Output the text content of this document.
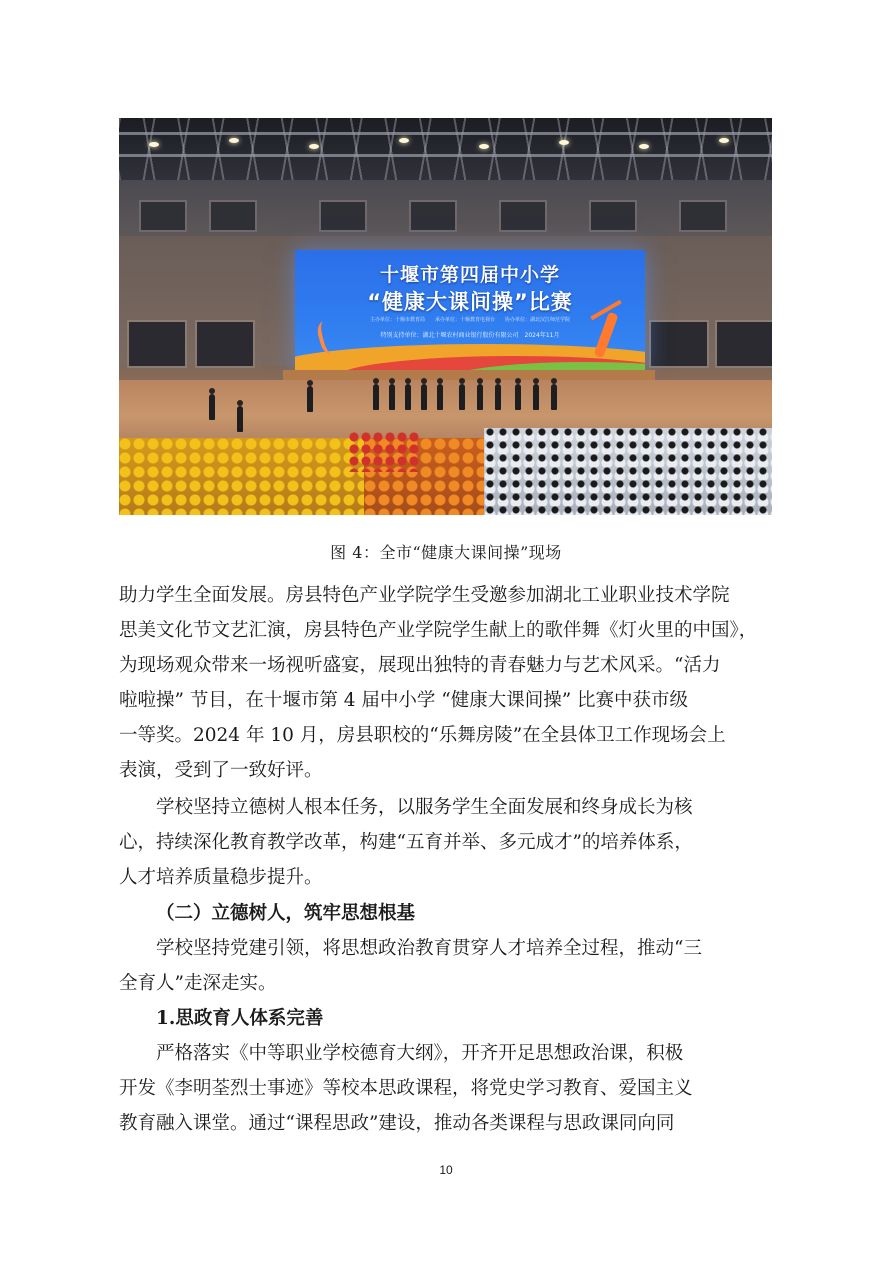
十堰市第四届中小学
“健康大课间操”比赛
主办单位：十堰市教育局　　承办单位：十堰教育电视台　　协办单位：湖北汉江师范学院
特别支持单位：湖北十堰农村商业银行股份有限公司　2024年11月
图 4：全市“健康大课间操”现场
助力学生全面发展。房县特色产业学院学生受邀参加湖北工业职业技术学院
思美文化节文艺汇演，房县特色产业学院学生献上的歌伴舞《灯火里的中国》，
为现场观众带来一场视听盛宴，展现出独特的青春魅力与艺术风采。“活力
啦啦操” 节目，在十堰市第 4 届中小学 “健康大课间操” 比赛中获市级
一等奖。2024 年 10 月，房县职校的“乐舞房陵”在全县体卫工作现场会上
表演，受到了一致好评。
学校坚持立德树人根本任务，以服务学生全面发展和终身成长为核
心，持续深化教育教学改革，构建“五育并举、多元成才”的培养体系，
人才培养质量稳步提升。
（二）立德树人，筑牢思想根基
学校坚持党建引领，将思想政治教育贯穿人才培养全过程，推动“三
全育人”走深走实。
1.思政育人体系完善
严格落实《中等职业学校德育大纲》，开齐开足思想政治课，积极
开发《李明荃烈士事迹》等校本思政课程，将党史学习教育、爱国主义
教育融入课堂。通过“课程思政”建设，推动各类课程与思政课同向同
10
